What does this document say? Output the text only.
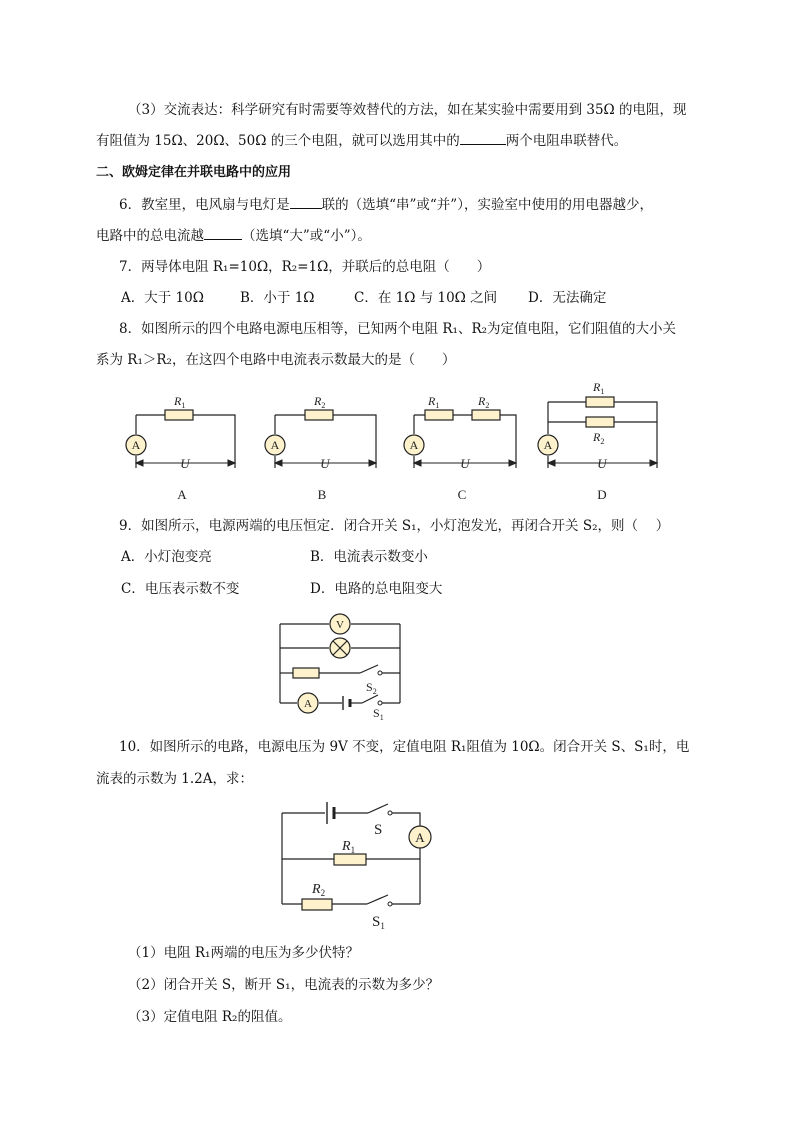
（3）交流表达：科学研究有时需要等效替代的方法，如在某实验中需要用到 35Ω 的电阻，现
有阻值为 15Ω、20Ω、50Ω 的三个电阻，就可以选用其中的	两个电阻串联替代。
二、欧姆定律在并联电路中的应用
6．教室里，电风扇与电灯是 联的（选填“串”或“并”），实验室中使用的用电器越少，
电路中的总电流越	（选填“大”或“小”）。
7．两导体电阻 R₁=10Ω，R₂=1Ω，并联后的总电阻（　　）
A．大于 10Ω	B．小于 1Ω	C．在 1Ω 与 10Ω 之间 D．无法确定
8．如图所示的四个电路电源电压相等，已知两个电阻 R₁、R₂为定值电阻，它们阻值的大小关
系为 R₁＞R₂，在这四个电路中电流表示数最大的是（　　）
A	A	A	A
$R_1$	$R_2$	$R_1$	$R_2$
$R_1$
$R_2$
U	U	U	U
A	B	C	D
9．如图所示，电源两端的电压恒定．闭合开关 S₁，小灯泡发光，再闭合开关 S₂，则（　 ）
A．小灯泡变亮	B．电流表示数变小
C．电压表示数不变	D．电路的总电阻变大
V
A
$S_2$
$S_1$
10．如图所示的电路，电源电压为 9V 不变，定值电阻 R₁阻值为 10Ω。闭合开关 S、S₁时，电
流表的示数为 1.2A，求：
A
S
$R_1$
$R_2$
$S_1$
（1）电阻 R₁两端的电压为多少伏特？
（2）闭合开关 S，断开 S₁，电流表的示数为多少？
（3）定值电阻 R₂的阻值。
